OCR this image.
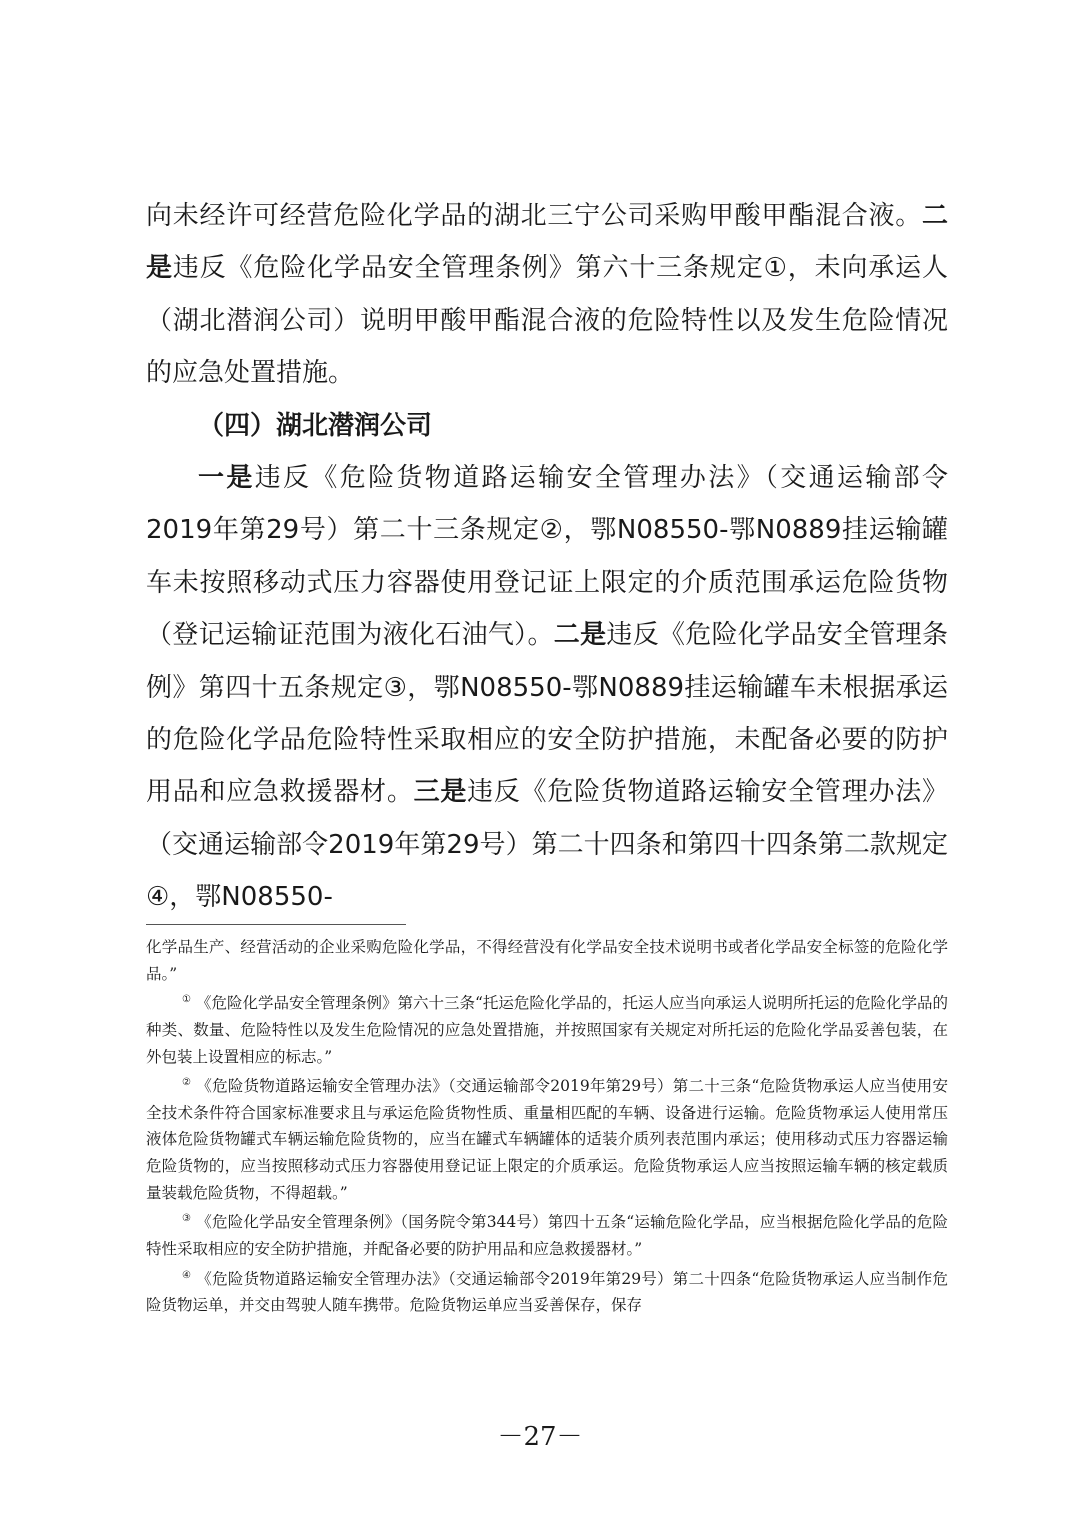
向未经许可经营危险化学品的湖北三宁公司采购甲酸甲酯混合液。二是违反《危险化学品安全管理条例》第六十三条规定①，未向承运人（湖北潜润公司）说明甲酸甲酯混合液的危险特性以及发生危险情况的应急处置措施。

（四）湖北潜润公司

一是违反《危险货物道路运输安全管理办法》（交通运输部令2019年第29号）第二十三条规定②，鄂N08550-鄂N0889挂运输罐车未按照移动式压力容器使用登记证上限定的介质范围承运危险货物（登记运输证范围为液化石油气）。二是违反《危险化学品安全管理条例》第四十五条规定③，鄂N08550-鄂N0889挂运输罐车未根据承运的危险化学品危险特性采取相应的安全防护措施，未配备必要的防护用品和应急救援器材。三是违反《危险货物道路运输安全管理办法》（交通运输部令2019年第29号）第二十四条和第四十四条第二款规定④，鄂N08550-

化学品生产、经营活动的企业采购危险化学品，不得经营没有化学品安全技术说明书或者化学品安全标签的危险化学品。”

① 《危险化学品安全管理条例》第六十三条“托运危险化学品的，托运人应当向承运人说明所托运的危险化学品的种类、数量、危险特性以及发生危险情况的应急处置措施，并按照国家有关规定对所托运的危险化学品妥善包装，在外包装上设置相应的标志。”

② 《危险货物道路运输安全管理办法》（交通运输部令2019年第29号）第二十三条“危险货物承运人应当使用安全技术条件符合国家标准要求且与承运危险货物性质、重量相匹配的车辆、设备进行运输。危险货物承运人使用常压液体危险货物罐式车辆运输危险货物的，应当在罐式车辆罐体的适装介质列表范围内承运；使用移动式压力容器运输危险货物的，应当按照移动式压力容器使用登记证上限定的介质承运。危险货物承运人应当按照运输车辆的核定载质量装载危险货物，不得超载。”

③ 《危险化学品安全管理条例》（国务院令第344号）第四十五条“运输危险化学品，应当根据危险化学品的危险特性采取相应的安全防护措施，并配备必要的防护用品和应急救援器材。”

④ 《危险货物道路运输安全管理办法》（交通运输部令2019年第29号）第二十四条“危险货物承运人应当制作危险货物运单，并交由驾驶人随车携带。危险货物运单应当妥善保存，保存

－27－
